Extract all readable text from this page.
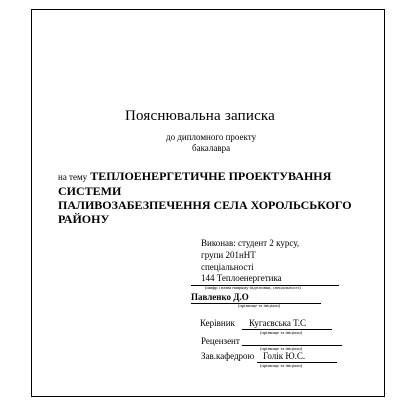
Пояснювальна записка
до дипломного проекту
бакалавра
на тему ТЕПЛОЕНЕРГЕТИЧНЕ ПРОЕКТУВАННЯ СИСТЕМИ
ПАЛИВОЗАБЕЗПЕЧЕННЯ СЕЛА ХОРОЛЬСЬКОГО РАЙОНУ
Виконав: студент 2 курсу,
групи 201нНТ
спеціальності
144 Теплоенергетика
(шифр і назва напряму підготовки, спеціальності)
Павленко Д.О
(прізвище та ініціали)
Керівник Кугаєвська Т.С
(прізвище та ініціали)
Рецензент
(прізвище та ініціали)
Зав.кафедрою Голік Ю.С.
(прізвище та ініціали)
